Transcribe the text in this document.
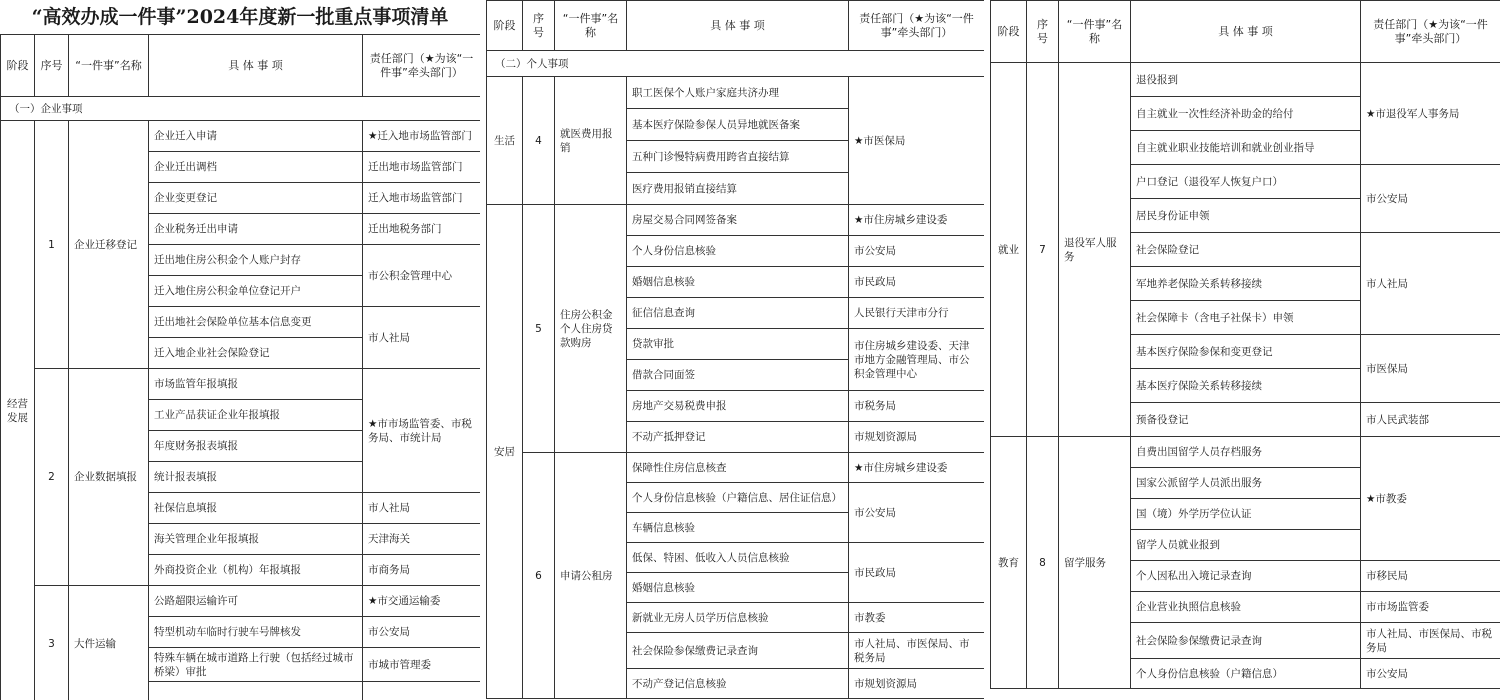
“高效办成一件事”2024年度新一批重点事项清单
阶段	序号	“一件事”名称	具 体 事 项	责任部门（★为该“一件事”牵头部门）
（一）企业事项				
经营发展	1	企业迁移登记	企业迁入申请	★迁入地市场监管部门
			企业迁出调档	迁出地市场监管部门
			企业变更登记	迁入地市场监管部门
			企业税务迁出申请	迁出地税务部门
			迁出地住房公积金个人账户封存	市公积金管理中心
			迁入地住房公积金单位登记开户	
			迁出地社会保险单位基本信息变更	市人社局
			迁入地企业社会保险登记	
	2	企业数据填报	市场监管年报填报	★市市场监管委、市税务局、市统计局
			工业产品获证企业年报填报	
			年度财务报表填报	
			统计报表填报	
			社保信息填报	市人社局
			海关管理企业年报填报	天津海关
			外商投资企业（机构）年报填报	市商务局
	3	大件运输	公路超限运输许可	★市交通运输委
			特型机动车临时行驶车号牌核发	市公安局
			特殊车辆在城市道路上行驶（包括经过城市桥梁）审批	市城市管理委

阶段	序号	“一件事”名称	具 体 事 项	责任部门（★为该“一件事”牵头部门）
（二）个人事项				
生活	4	就医费用报销	职工医保个人账户家庭共济办理	★市医保局
			基本医疗保险参保人员异地就医备案	
			五种门诊慢特病费用跨省直接结算	
			医疗费用报销直接结算	
安居	5	住房公积金个人住房贷款购房	房屋交易合同网签备案	★市住房城乡建设委
			个人身份信息核验	市公安局
			婚姻信息核验	市民政局
			征信信息查询	人民银行天津市分行
			贷款审批	市住房城乡建设委、天津市地方金融管理局、市公积金管理中心
			借款合同面签	
			房地产交易税费申报	市税务局
			不动产抵押登记	市规划资源局
	6	申请公租房	保障性住房信息核查	★市住房城乡建设委
			个人身份信息核验（户籍信息、居住证信息）	市公安局
			车辆信息核验	
			低保、特困、低收入人员信息核验	市民政局
			婚姻信息核验	
			新就业无房人员学历信息核验	市教委
			社会保险参保缴费记录查询	市人社局、市医保局、市税务局
			不动产登记信息核验	市规划资源局
阶段	序号	“一件事”名称	具 体 事 项	责任部门（★为该“一件事”牵头部门）
就业	7	退役军人服务	退役报到	★市退役军人事务局
			自主就业一次性经济补助金的给付	
			自主就业职业技能培训和就业创业指导	
			户口登记（退役军人恢复户口）	市公安局
			居民身份证申领	
			社会保险登记	市人社局
			军地养老保险关系转移接续	
			社会保障卡（含电子社保卡）申领	
			基本医疗保险参保和变更登记	市医保局
			基本医疗保险关系转移接续	
			预备役登记	市人民武装部
教育	8	留学服务	自费出国留学人员存档服务	★市教委
			国家公派留学人员派出服务	
			国（境）外学历学位认证	
			留学人员就业报到	
			个人因私出入境记录查询	市移民局
			企业营业执照信息核验	市市场监管委
			社会保险参保缴费记录查询	市人社局、市医保局、市税务局
			个人身份信息核验（户籍信息）	市公安局
